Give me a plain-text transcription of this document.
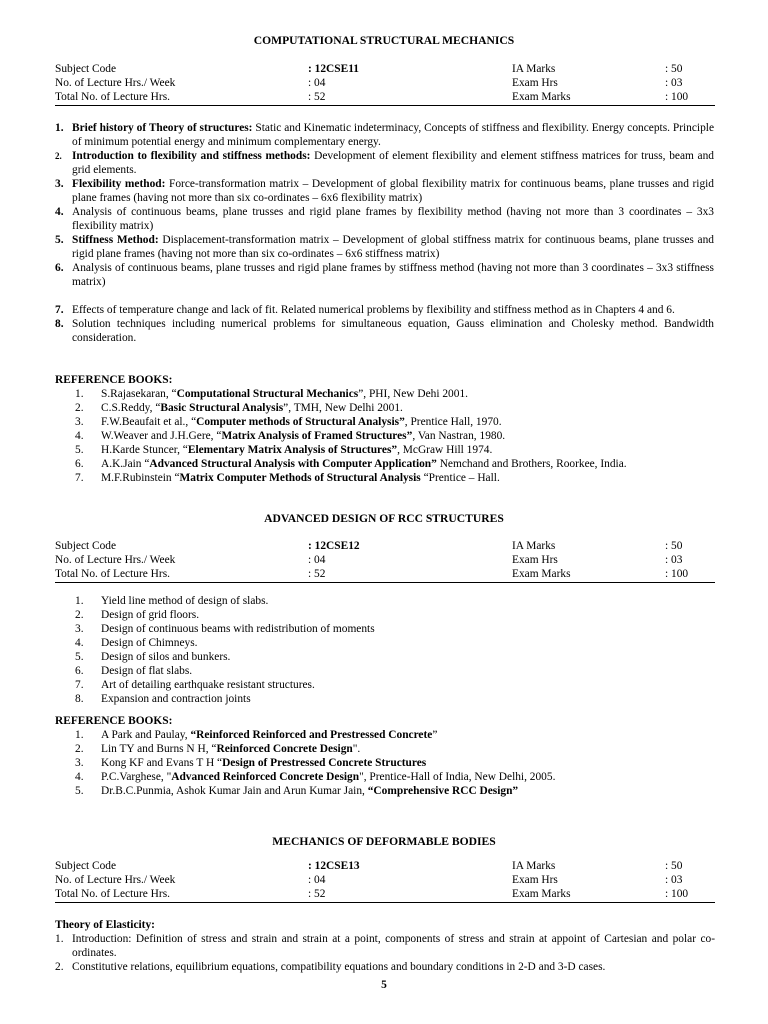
COMPUTATIONAL STRUCTURAL MECHANICS
Subject Code	: 12CSE11	IA Marks	: 50
No. of Lecture Hrs./ Week	: 04	Exam Hrs	: 03
Total No. of Lecture Hrs.	: 52	Exam Marks	: 100
1. Brief history of Theory of structures: Static and Kinematic indeterminacy, Concepts of stiffness and flexibility. Energy concepts. Principle of minimum potential energy and minimum complementary energy.
2. Introduction to flexibility and stiffness methods: Development of element flexibility and element stiffness matrices for truss, beam and grid elements.
3. Flexibility method: Force-transformation matrix – Development of global flexibility matrix for continuous beams, plane trusses and rigid plane frames (having not more than six co-ordinates – 6x6 flexibility matrix)
4. Analysis of continuous beams, plane trusses and rigid plane frames by flexibility method (having not more than 3 coordinates – 3x3 flexibility matrix)
5. Stiffness Method: Displacement-transformation matrix – Development of global stiffness matrix for continuous beams, plane trusses and rigid plane frames (having not more than six co-ordinates – 6x6 stiffness matrix)
6. Analysis of continuous beams, plane trusses and rigid plane frames by stiffness method (having not more than 3 coordinates – 3x3 stiffness matrix)
7. Effects of temperature change and lack of fit. Related numerical problems by flexibility and stiffness method as in Chapters 4 and 6.
8. Solution techniques including numerical problems for simultaneous equation, Gauss elimination and Cholesky method. Bandwidth consideration.
REFERENCE BOOKS:
1. S.Rajasekaran, “Computational Structural Mechanics”, PHI, New Dehi 2001.
2. C.S.Reddy, “Basic Structural Analysis”, TMH, New Delhi 2001.
3. F.W.Beaufait et al., “Computer methods of Structural Analysis”, Prentice Hall, 1970.
4. W.Weaver and J.H.Gere, “Matrix Analysis of Framed Structures”, Van Nastran, 1980.
5. H.Karde Stuncer, “Elementary Matrix Analysis of Structures”, McGraw Hill 1974.
6. A.K.Jain “Advanced Structural Analysis with Computer Application” Nemchand and Brothers, Roorkee, India.
7. M.F.Rubinstein “Matrix Computer Methods of Structural Analysis “Prentice – Hall.
ADVANCED DESIGN OF RCC STRUCTURES
Subject Code	: 12CSE12	IA Marks	: 50
No. of Lecture Hrs./ Week	: 04	Exam Hrs	: 03
Total No. of Lecture Hrs.	: 52	Exam Marks	: 100
1. Yield line method of design of slabs.
2. Design of grid floors.
3. Design of continuous beams with redistribution of moments
4. Design of Chimneys.
5. Design of silos and bunkers.
6. Design of flat slabs.
7. Art of detailing earthquake resistant structures.
8. Expansion and contraction joints
REFERENCE BOOKS:
1. A Park and Paulay, “Reinforced Reinforced and Prestressed Concrete”
2. Lin TY and Burns N H, “Reinforced Concrete Design".
3. Kong KF and Evans T H “Design of Prestressed Concrete Structures
4. P.C.Varghese, "Advanced Reinforced Concrete Design", Prentice-Hall of India, New Delhi, 2005.
5. Dr.B.C.Punmia, Ashok Kumar Jain and Arun Kumar Jain, “Comprehensive RCC Design”
MECHANICS OF DEFORMABLE BODIES
Subject Code	: 12CSE13	IA Marks	: 50
No. of Lecture Hrs./ Week	: 04	Exam Hrs	: 03
Total No. of Lecture Hrs.	: 52	Exam Marks	: 100
Theory of Elasticity:
1. Introduction: Definition of stress and strain and strain at a point, components of stress and strain at appoint of Cartesian and polar co-ordinates.
2. Constitutive relations, equilibrium equations, compatibility equations and boundary conditions in 2-D and 3-D cases.
5
